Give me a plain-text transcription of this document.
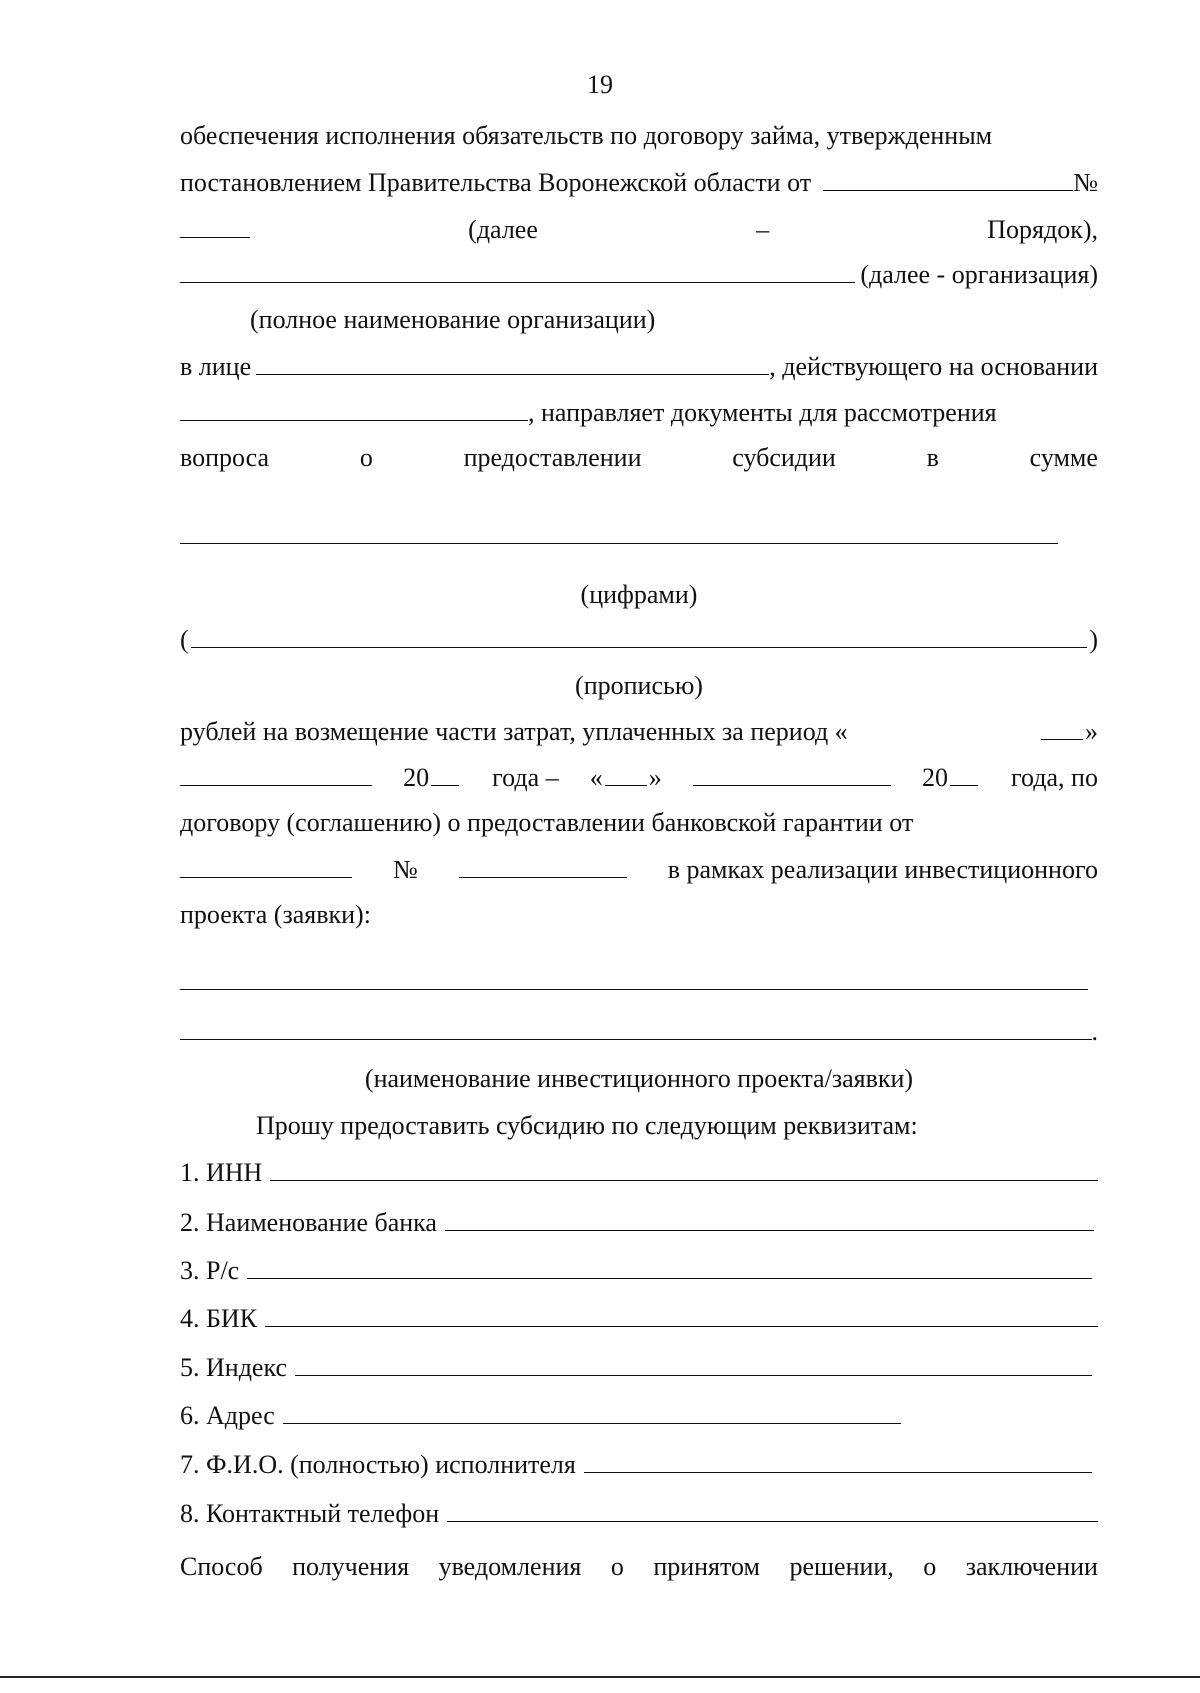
19
обеспечения исполнения обязательств по договору займа, утвержденным
постановлением Правительства Воронежской области от	№
(далее	–	Порядок),
(далее - организация)
(полное наименование организации)
в лице	, действующего на основании
, направляет документы для рассмотрения
вопроса	о	предоставлении	субсидии	в	сумме
(цифрами)
(	)
(прописью)
рублей на возмещение части затрат, уплаченных за период «	»
20 года – « »	20 года, по
договору (соглашению) о предоставлении банковской гарантии от
№	в рамках реализации инвестиционного
проекта (заявки):
.
(наименование инвестиционного проекта/заявки)
Прошу предоставить субсидию по следующим реквизитам:
1. ИНН
2. Наименование банка
3. Р/с
4. БИК
5. Индекс
6. Адрес
7. Ф.И.О. (полностью) исполнителя
8. Контактный телефон
Способ получения уведомления о принятом решении, о заключении
